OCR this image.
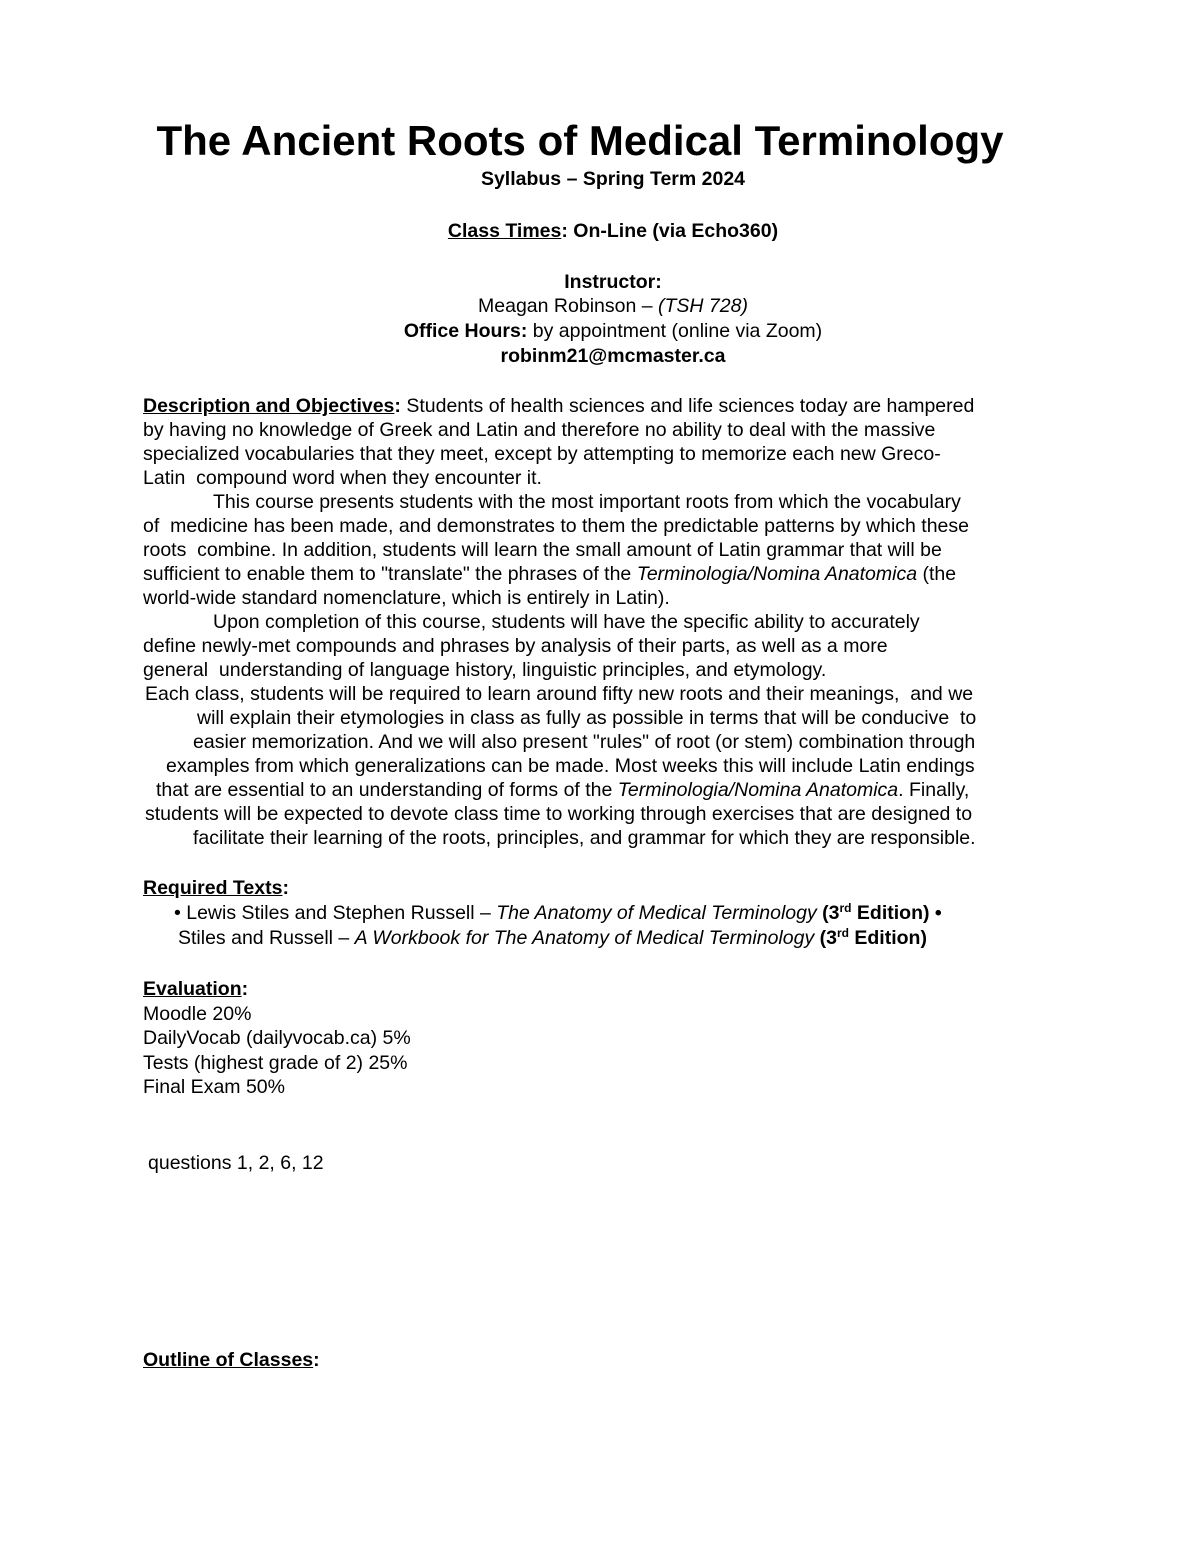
The Ancient Roots of Medical Terminology
Syllabus – Spring Term 2024
Class Times: On-Line (via Echo360)
Instructor:
Meagan Robinson – (TSH 728)
Office Hours: by appointment (online via Zoom)
robinm21@mcmaster.ca
Description and Objectives: Students of health sciences and life sciences today are hampered
by having no knowledge of Greek and Latin and therefore no ability to deal with the massive
specialized vocabularies that they meet, except by attempting to memorize each new Greco-
Latin  compound word when they encounter it.
This course presents students with the most important roots from which the vocabulary
of  medicine has been made, and demonstrates to them the predictable patterns by which these
roots  combine. In addition, students will learn the small amount of Latin grammar that will be
sufficient to enable them to "translate" the phrases of the Terminologia/Nomina Anatomica (the
world-wide standard nomenclature, which is entirely in Latin).
Upon completion of this course, students will have the specific ability to accurately
define newly-met compounds and phrases by analysis of their parts, as well as a more
general  understanding of language history, linguistic principles, and etymology.
Each class, students will be required to learn around fifty new roots and their meanings,  and we
will explain their etymologies in class as fully as possible in terms that will be conducive  to
easier memorization. And we will also present "rules" of root (or stem) combination through
examples from which generalizations can be made. Most weeks this will include Latin endings
that are essential to an understanding of forms of the Terminologia/Nomina Anatomica. Finally,
students will be expected to devote class time to working through exercises that are designed to
facilitate their learning of the roots, principles, and grammar for which they are responsible.
Required Texts:
• Lewis Stiles and Stephen Russell – The Anatomy of Medical Terminology (3rd Edition) •
Stiles and Russell – A Workbook for The Anatomy of Medical Terminology (3rd Edition)
Evaluation:
Moodle 20%
DailyVocab (dailyvocab.ca) 5%
Tests (highest grade of 2) 25%
Final Exam 50%
questions 1, 2, 6, 12
Outline of Classes:
